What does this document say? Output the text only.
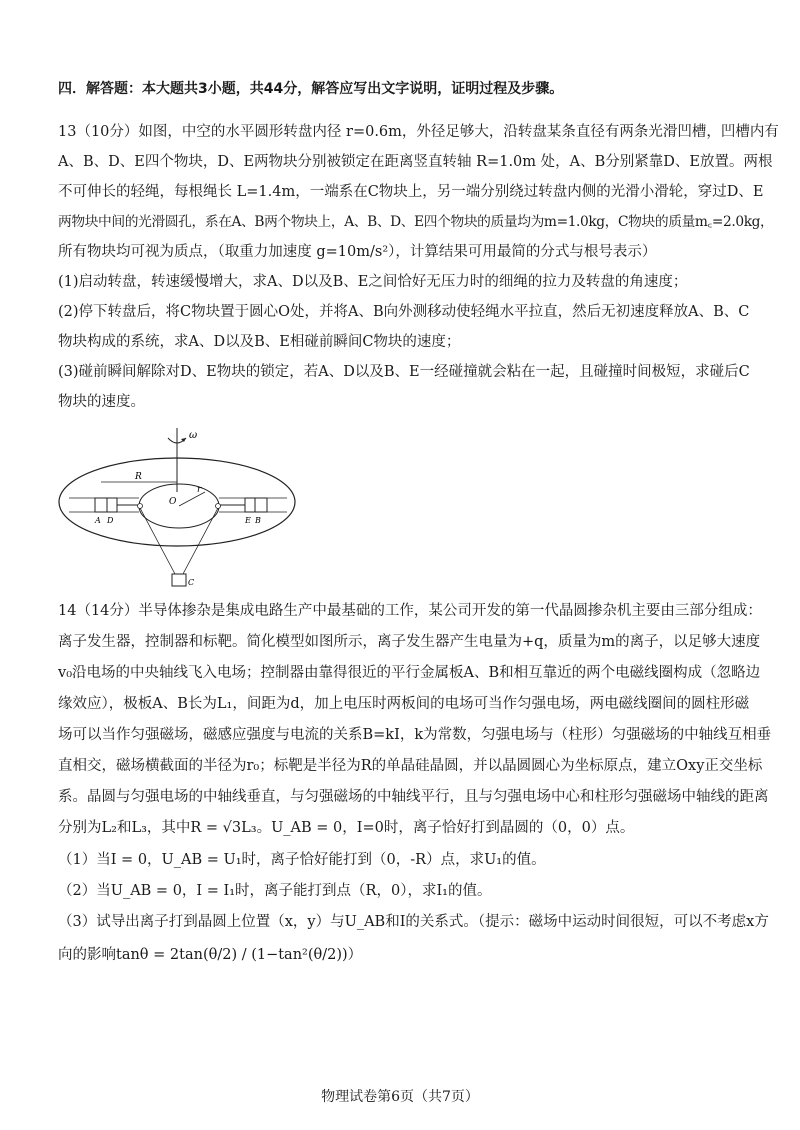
四．解答题：本大题共3小题，共44分，解答应写出文字说明，证明过程及步骤。
13（10分）如图，中空的水平圆形转盘内径 r=0.6m，外径足够大，沿转盘某条直径有两条光滑凹槽，凹槽内有
A、B、D、E四个物块，D、E两物块分别被锁定在距离竖直转轴 R=1.0m 处，A、B分别紧靠D、E放置。两根
不可伸长的轻绳，每根绳长 L=1.4m，一端系在C物块上，另一端分别绕过转盘内侧的光滑小滑轮，穿过D、E
两物块中间的光滑圆孔，系在A、B两个物块上，A、B、D、E四个物块的质量均为m=1.0kg，C物块的质量m꜀=2.0kg，
所有物块均可视为质点，（取重力加速度 g=10m/s²），计算结果可用最简的分式与根号表示）
(1)启动转盘，转速缓慢增大，求A、D以及B、E之间恰好无压力时的细绳的拉力及转盘的角速度；
(2)停下转盘后，将C物块置于圆心O处，并将A、B向外测移动使轻绳水平拉直，然后无初速度释放A、B、C
物块构成的系统，求A、D以及B、E相碰前瞬间C物块的速度；
(3)碰前瞬间解除对D、E物块的锁定，若A、D以及B、E一经碰撞就会粘在一起，且碰撞时间极短，求碰后C
物块的速度。
ω
R
O
r
A D	E B
C
14（14分）半导体掺杂是集成电路生产中最基础的工作，某公司开发的第一代晶圆掺杂机主要由三部分组成：
离子发生器，控制器和标靶。简化模型如图所示，离子发生器产生电量为+q，质量为m的离子，以足够大速度
v₀沿电场的中央轴线飞入电场；控制器由靠得很近的平行金属板A、B和相互靠近的两个电磁线圈构成（忽略边
缘效应），极板A、B长为L₁，间距为d，加上电压时两板间的电场可当作匀强电场，两电磁线圈间的圆柱形磁
场可以当作匀强磁场，磁感应强度与电流的关系B=kI，k为常数，匀强电场与（柱形）匀强磁场的中轴线互相垂
直相交，磁场横截面的半径为r₀；标靶是半径为R的单晶硅晶圆，并以晶圆圆心为坐标原点，建立Oxy正交坐标
系。晶圆与匀强电场的中轴线垂直，与匀强磁场的中轴线平行，且与匀强电场中心和柱形匀强磁场中轴线的距离
分别为L₂和L₃，其中R = √3L₃。U_AB = 0，I=0时，离子恰好打到晶圆的（0，0）点。
（1）当I = 0，U_AB = U₁时，离子恰好能打到（0，-R）点，求U₁的值。
（2）当U_AB = 0，I = I₁时，离子能打到点（R，0），求I₁的值。
（3）试导出离子打到晶圆上位置（x，y）与U_AB和I的关系式。（提示：磁场中运动时间很短，可以不考虑x方
向的影响tanθ = 2tan(θ/2) / (1−tan²(θ/2))）
物理试卷第6页（共7页）
